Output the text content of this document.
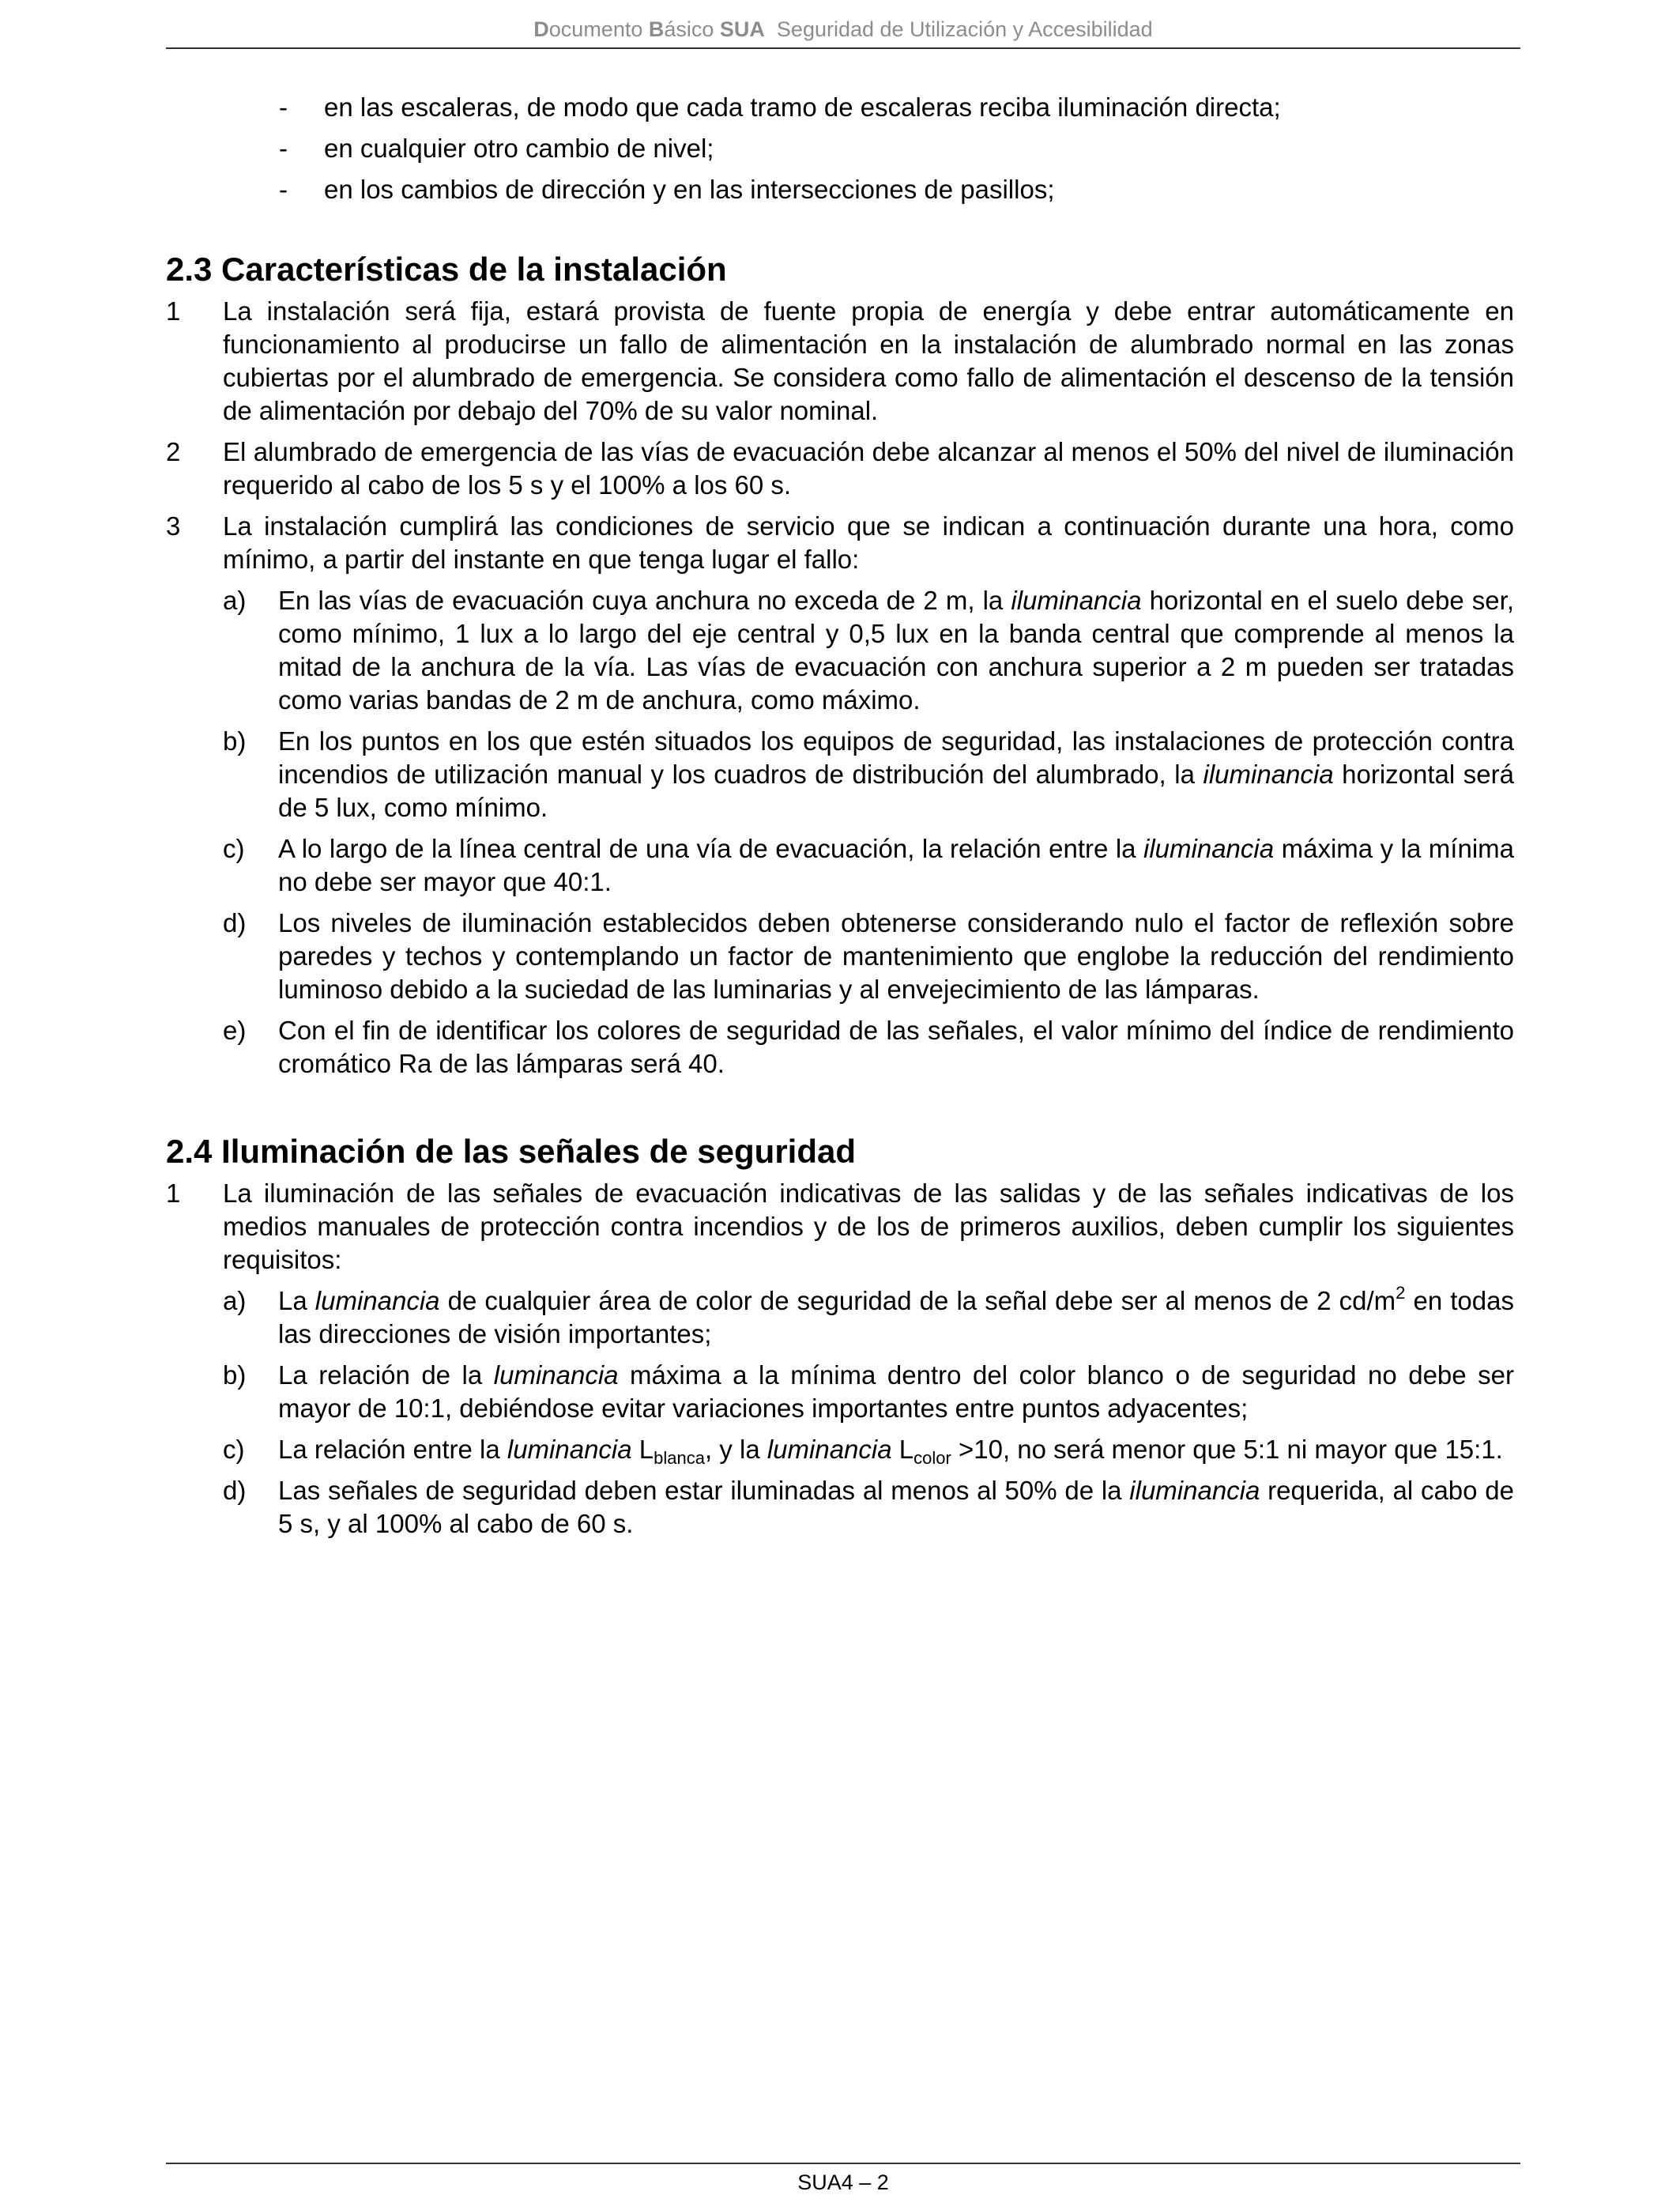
Documento Básico SUA  Seguridad de Utilización y Accesibilidad
- en las escaleras, de modo que cada tramo de escaleras reciba iluminación directa;
- en cualquier otro cambio de nivel;
- en los cambios de dirección y en las intersecciones de pasillos;
2.3 Características de la instalación
1 La instalación será fija, estará provista de fuente propia de energía y debe entrar automáticamente en funcionamiento al producirse un fallo de alimentación en la instalación de alumbrado normal en las zonas cubiertas por el alumbrado de emergencia. Se considera como fallo de alimentación el descenso de la tensión de alimentación por debajo del 70% de su valor nominal.
2 El alumbrado de emergencia de las vías de evacuación debe alcanzar al menos el 50% del nivel de iluminación requerido al cabo de los 5 s y el 100% a los 60 s.
3 La instalación cumplirá las condiciones de servicio que se indican a continuación durante una hora, como mínimo, a partir del instante en que tenga lugar el fallo:
a) En las vías de evacuación cuya anchura no exceda de 2 m, la iluminancia horizontal en el suelo debe ser, como mínimo, 1 lux a lo largo del eje central y 0,5 lux en la banda central que comprende al menos la mitad de la anchura de la vía. Las vías de evacuación con anchura superior a 2 m pueden ser tratadas como varias bandas de 2 m de anchura, como máximo.
b) En los puntos en los que estén situados los equipos de seguridad, las instalaciones de protección contra incendios de utilización manual y los cuadros de distribución del alumbrado, la iluminancia horizontal será de 5 lux, como mínimo.
c) A lo largo de la línea central de una vía de evacuación, la relación entre la iluminancia máxima y la mínima no debe ser mayor que 40:1.
d) Los niveles de iluminación establecidos deben obtenerse considerando nulo el factor de reflexión sobre paredes y techos y contemplando un factor de mantenimiento que englobe la reducción del rendimiento luminoso debido a la suciedad de las luminarias y al envejecimiento de las lámparas.
e) Con el fin de identificar los colores de seguridad de las señales, el valor mínimo del índice de rendimiento cromático Ra de las lámparas será 40.
2.4 Iluminación de las señales de seguridad
1 La iluminación de las señales de evacuación indicativas de las salidas y de las señales indicativas de los medios manuales de protección contra incendios y de los de primeros auxilios, deben cumplir los siguientes requisitos:
a) La luminancia de cualquier área de color de seguridad de la señal debe ser al menos de 2 $cd/m^2$ en todas las direcciones de visión importantes;
b) La relación de la luminancia máxima a la mínima dentro del color blanco o de seguridad no debe ser mayor de 10:1, debiéndose evitar variaciones importantes entre puntos adyacentes;
c) La relación entre la luminancia $L_{blanca}$, y la luminancia $L_{color} >10$, no será menor que 5:1 ni mayor que 15:1.
d) Las señales de seguridad deben estar iluminadas al menos al 50% de la iluminancia requerida, al cabo de 5 s, y al 100% al cabo de 60 s.
SUA4 – 2
